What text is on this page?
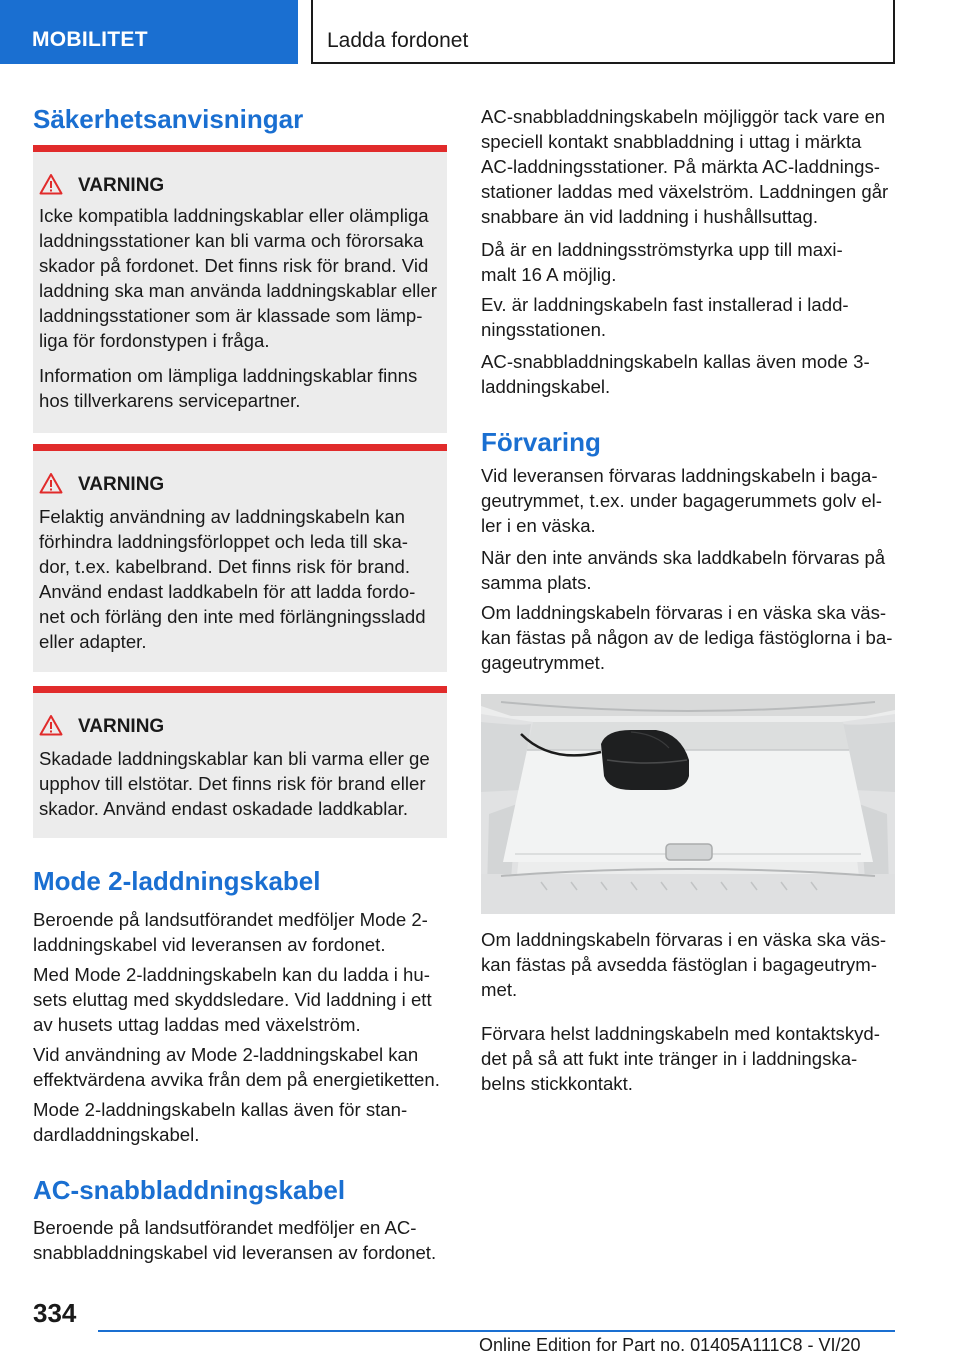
MOBILITET	Ladda fordonet
Säkerhetsanvisningar
VARNING

Icke kompatibla laddningskablar eller olämpliga
laddningsstationer kan bli varma och förorsaka
skador på fordonet. Det finns risk för brand. Vid
laddning ska man använda laddningskablar eller
laddningsstationer som är klassade som lämp-
liga för fordonstypen i fråga.

Information om lämpliga laddningskablar finns
hos tillverkarens servicepartner.

VARNING

Felaktig användning av laddningskabeln kan
förhindra laddningsförloppet och leda till ska-
dor, t.ex. kabelbrand. Det finns risk för brand.
Använd endast laddkabeln för att ladda fordo-
net och förläng den inte med förlängningssladd
eller adapter.

VARNING

Skadade laddningskablar kan bli varma eller ge
upphov till elstötar. Det finns risk för brand eller
skador. Använd endast oskadade laddkablar.

Mode 2-laddningskabel

Beroende på landsutförandet medföljer Mode 2-
laddningskabel vid leveransen av fordonet.

Med Mode 2-laddningskabeln kan du ladda i hu-
sets eluttag med skyddsledare. Vid laddning i ett
av husets uttag laddas med växelström.

Vid användning av Mode 2-laddningskabel kan
effektvärdena avvika från dem på energietiketten.

Mode 2-laddningskabeln kallas även för stan-
dardladdningskabel.

AC-snabbladdningskabel

Beroende på landsutförandet medföljer en AC-
snabbladdningskabel vid leveransen av fordonet.

AC-snabbladdningskabeln möjliggör tack vare en
speciell kontakt snabbladdning i uttag i märkta
AC-laddningsstationer. På märkta AC-laddnings-
stationer laddas med växelström. Laddningen går
snabbare än vid laddning i hushållsuttag.

Då är en laddningsströmstyrka upp till maxi-
malt 16 A möjlig.

Ev. är laddningskabeln fast installerad i ladd-
ningsstationen.

AC-snabbladdningskabeln kallas även mode 3-
laddningskabel.

Förvaring

Vid leveransen förvaras laddningskabeln i baga-
geutrymmet, t.ex. under bagagerummets golv el-
ler i en väska.

När den inte används ska laddkabeln förvaras på
samma plats.

Om laddningskabeln förvaras i en väska ska väs-
kan fästas på någon av de lediga fästöglorna i ba-
gageutrymmet.

Om laddningskabeln förvaras i en väska ska väs-
kan fästas på avsedda fästöglan i bagageutrym-
met.

Förvara helst laddningskabeln med kontaktskyd-
det på så att fukt inte tränger in i laddningska-
belns stickkontakt.

334
Online Edition for Part no. 01405A111C8 - VI/20
